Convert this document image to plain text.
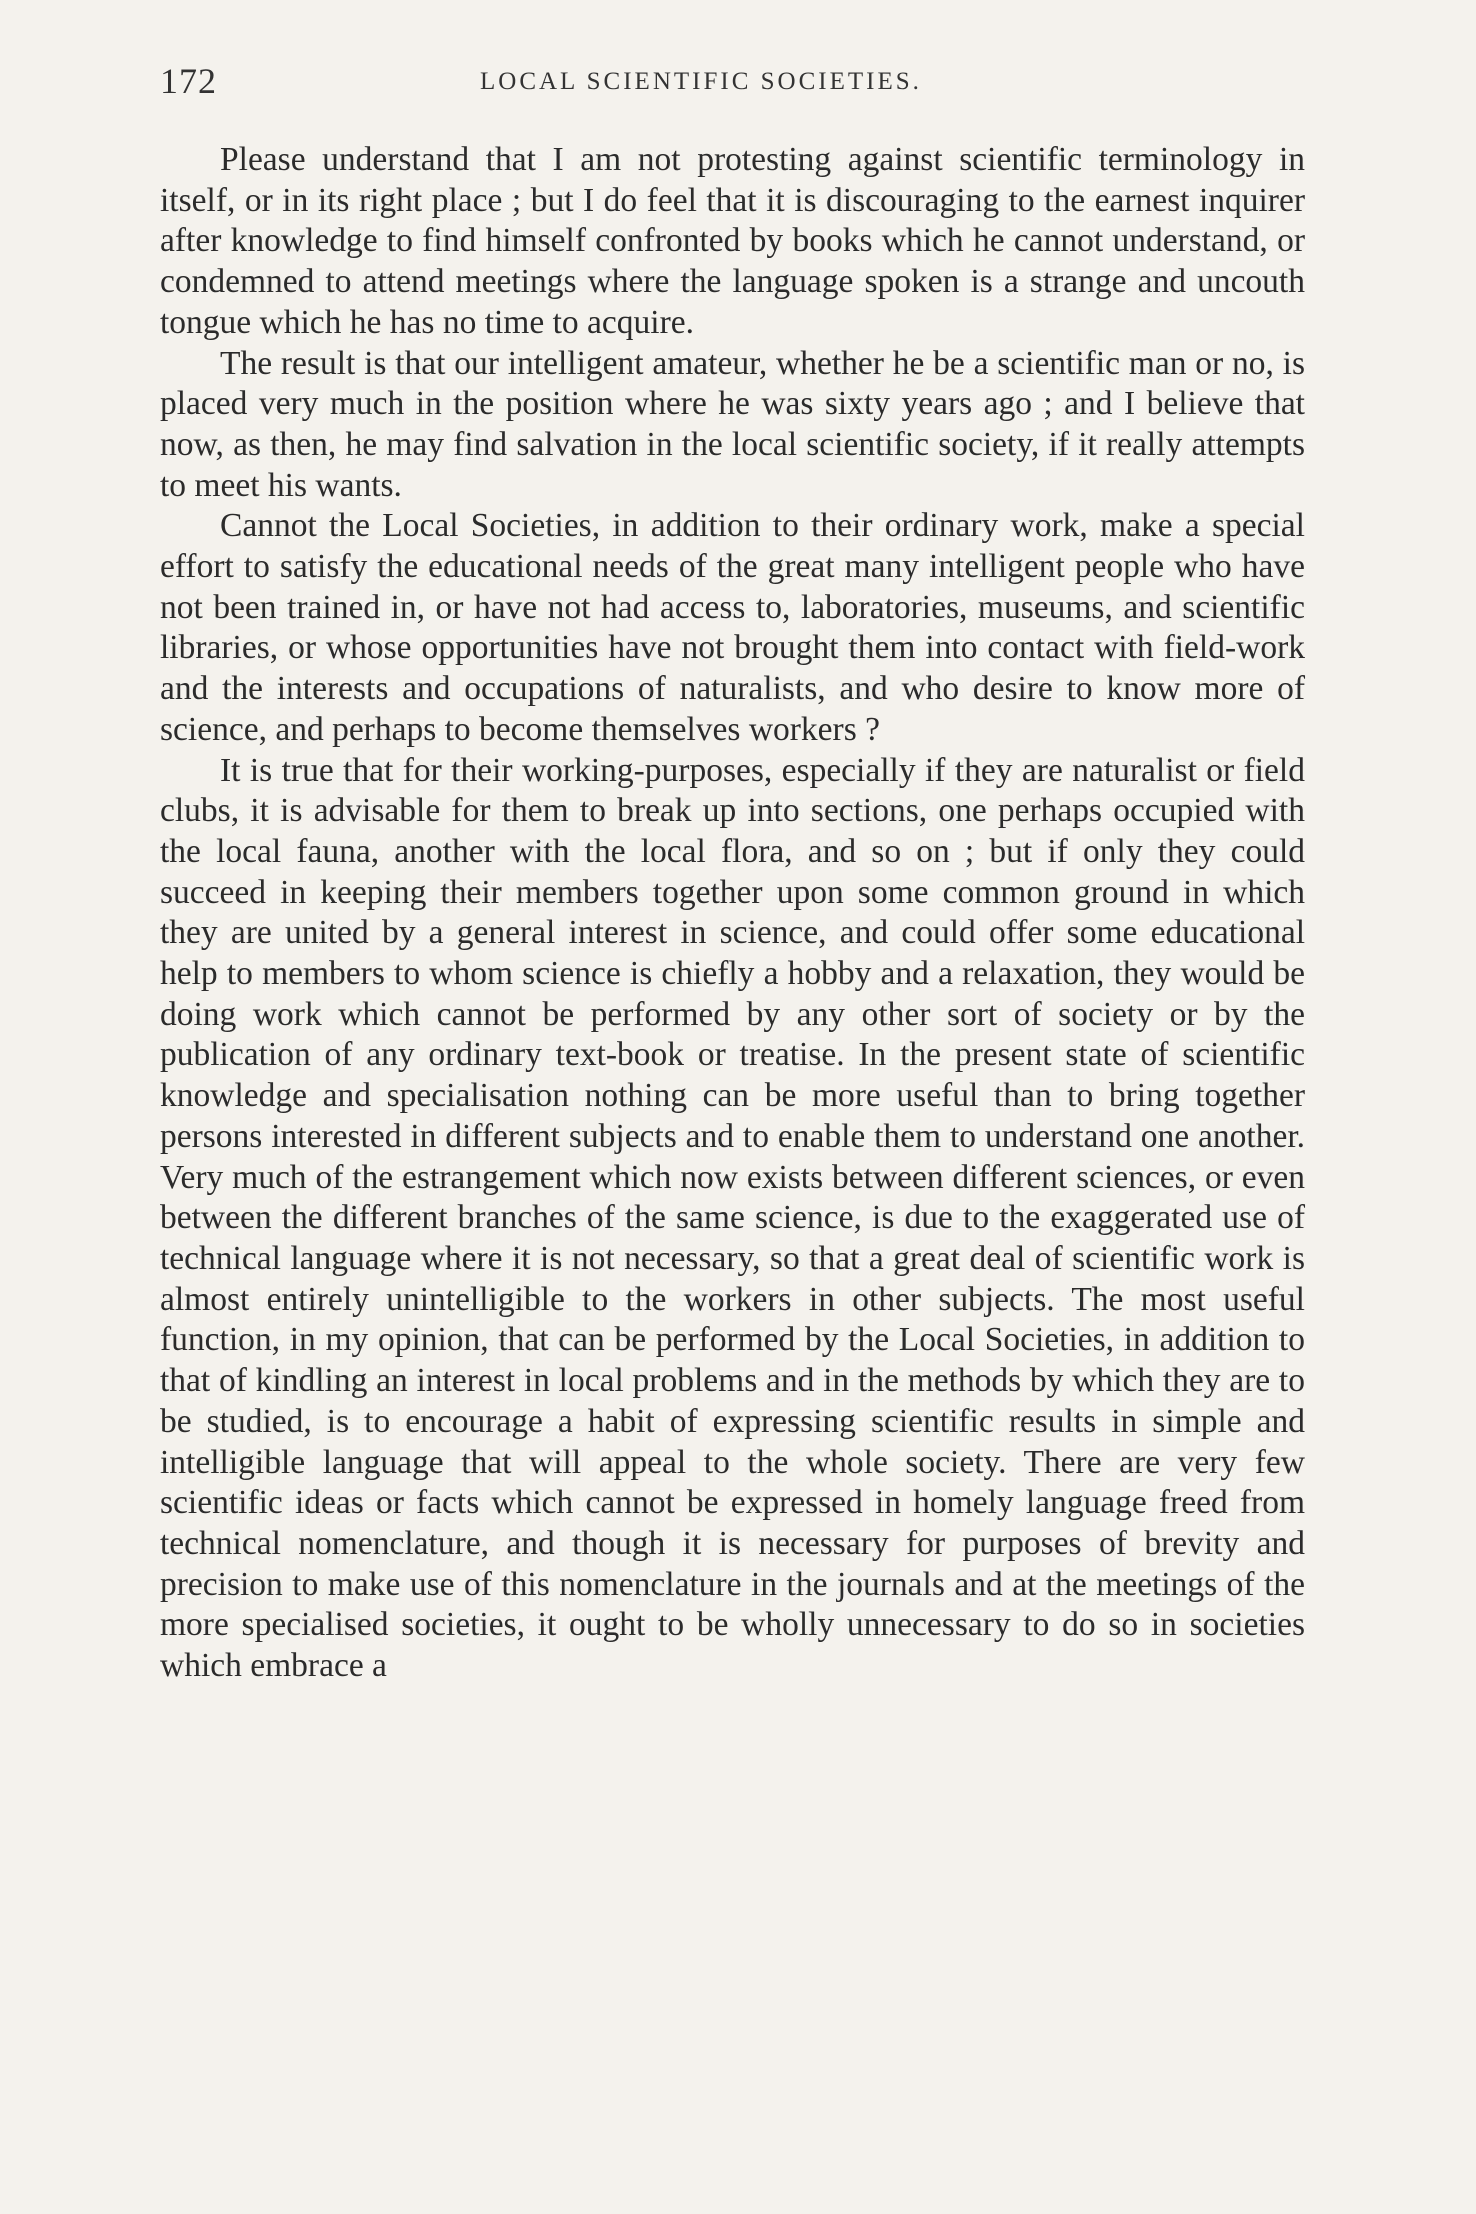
172	LOCAL SCIENTIFIC SOCIETIES.

Please understand that I am not protesting against scientific terminology in itself, or in its right place ; but I do feel that it is discouraging to the earnest inquirer after knowledge to find himself confronted by books which he cannot understand, or condemned to attend meetings where the language spoken is a strange and uncouth tongue which he has no time to acquire.

The result is that our intelligent amateur, whether he be a scientific man or no, is placed very much in the position where he was sixty years ago ; and I believe that now, as then, he may find salvation in the local scientific society, if it really attempts to meet his wants.

Cannot the Local Societies, in addition to their ordinary work, make a special effort to satisfy the educational needs of the great many intelligent people who have not been trained in, or have not had access to, laboratories, museums, and scientific libraries, or whose opportunities have not brought them into contact with field-work and the interests and occupations of naturalists, and who desire to know more of science, and perhaps to become themselves workers ?

It is true that for their working-purposes, especially if they are naturalist or field clubs, it is advisable for them to break up into sections, one perhaps occupied with the local fauna, another with the local flora, and so on ; but if only they could succeed in keeping their members together upon some common ground in which they are united by a general interest in science, and could offer some educational help to members to whom science is chiefly a hobby and a relaxation, they would be doing work which cannot be performed by any other sort of society or by the publication of any ordinary text-book or treatise. In the present state of scientific knowledge and specialisation nothing can be more useful than to bring together persons interested in different subjects and to enable them to understand one another. Very much of the estrangement which now exists between different sciences, or even between the different branches of the same science, is due to the exaggerated use of technical language where it is not necessary, so that a great deal of scientific work is almost entirely unintelligible to the workers in other subjects. The most useful function, in my opinion, that can be performed by the Local Societies, in addition to that of kindling an interest in local problems and in the methods by which they are to be studied, is to encourage a habit of expressing scientific results in simple and intelligible language that will appeal to the whole society. There are very few scientific ideas or facts which cannot be expressed in homely language freed from technical nomenclature, and though it is necessary for purposes of brevity and precision to make use of this nomenclature in the journals and at the meetings of the more specialised societies, it ought to be wholly unnecessary to do so in societies which embrace a
